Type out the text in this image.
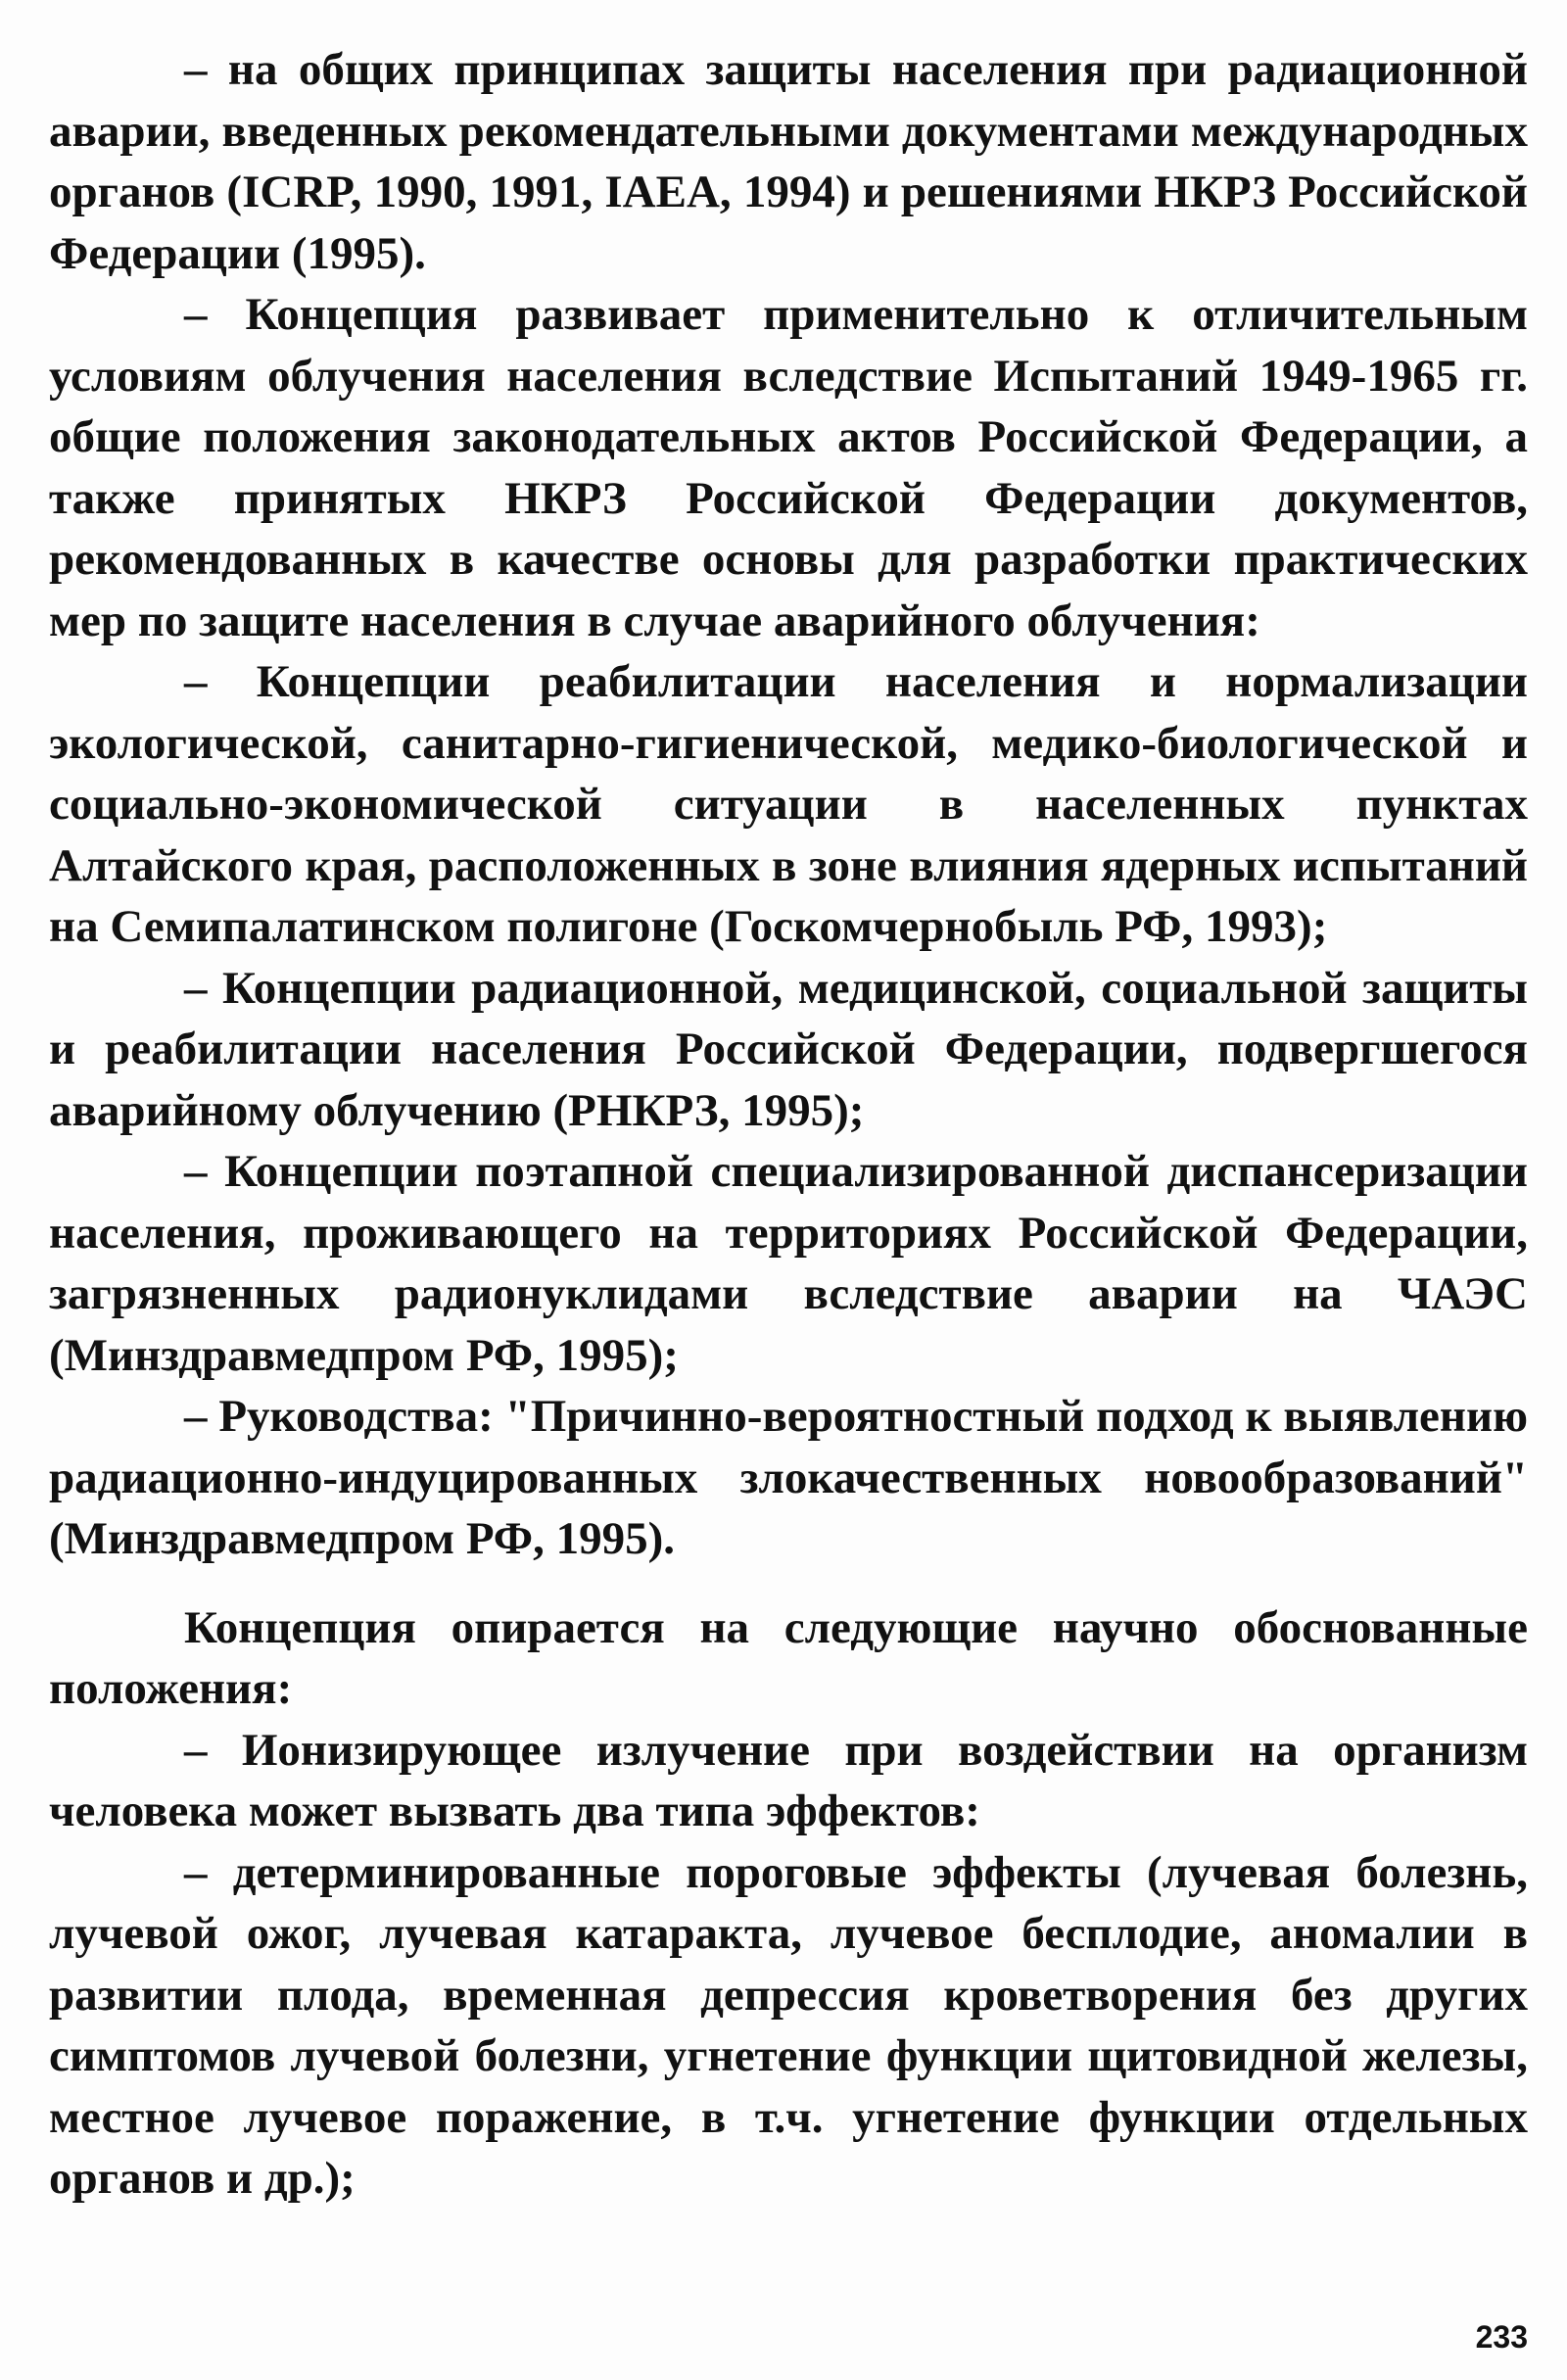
– на общих принципах защиты населения при радиационной аварии, введенных рекомендательными документами международных органов (ICRP, 1990, 1991, IAEA, 1994) и решениями НКРЗ Российской Федерации (1995).

– Концепция развивает применительно к отличительным условиям облучения населения вследствие Испытаний 1949-1965 гг. общие положения законодательных актов Российской Федерации, а также принятых НКРЗ Российской Федерации документов, рекомендованных в качестве основы для разработки практических мер по защите населения в случае аварийного облучения:

– Концепции реабилитации населения и нормализации экологической, санитарно-гигиенической, медико-биологической и социально-экономической ситуации в населенных пунктах Алтайского края, расположенных в зоне влияния ядерных испытаний на Семипалатинском полигоне (Госкомчернобыль РФ, 1993);

– Концепции радиационной, медицинской, социальной защиты и реабилитации населения Российской Федерации, подвергшегося аварийному облучению (РНКРЗ, 1995);

– Концепции поэтапной специализированной диспансеризации населения, проживающего на территориях Российской Федерации, загрязненных радионуклидами вследствие аварии на ЧАЭС (Минздравмедпром РФ, 1995);

– Руководства: "Причинно-вероятностный подход к выявлению радиационно-индуцированных злокачественных новообразований" (Минздравмедпром РФ, 1995).

Концепция опирается на следующие научно обоснованные положения:

– Ионизирующее излучение при воздействии на организм человека может вызвать два типа эффектов:

– детерминированные пороговые эффекты (лучевая болезнь, лучевой ожог, лучевая катаракта, лучевое бесплодие, аномалии в развитии плода, временная депрессия кроветворения без других симптомов лучевой болезни, угнетение функции щитовидной железы, местное лучевое поражение, в т.ч. угнетение функции отдельных органов и др.);

233
